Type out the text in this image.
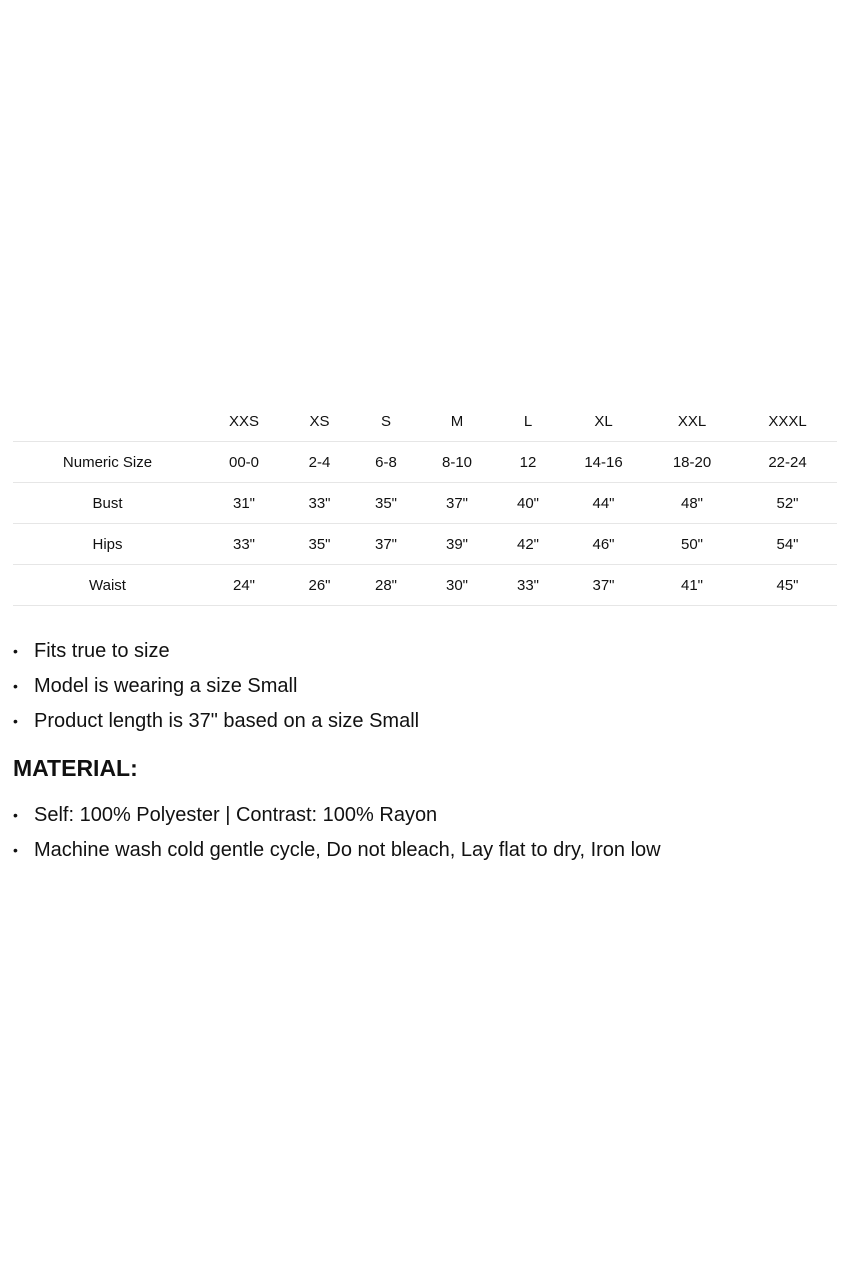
	XXS	XS	S	M	L	XL	XXL	XXXL
Numeric Size	00-0	2-4	6-8	8-10	12	14-16	18-20	22-24
Bust	31"	33"	35"	37"	40"	44"	48"	52"
Hips	33"	35"	37"	39"	42"	46"	50"	54"
Waist	24"	26"	28"	30"	33"	37"	41"	45"
• Fits true to size
• Model is wearing a size Small
• Product length is 37" based on a size Small
MATERIAL:
• Self: 100% Polyester | Contrast: 100% Rayon
• Machine wash cold gentle cycle, Do not bleach, Lay flat to dry, Iron low
